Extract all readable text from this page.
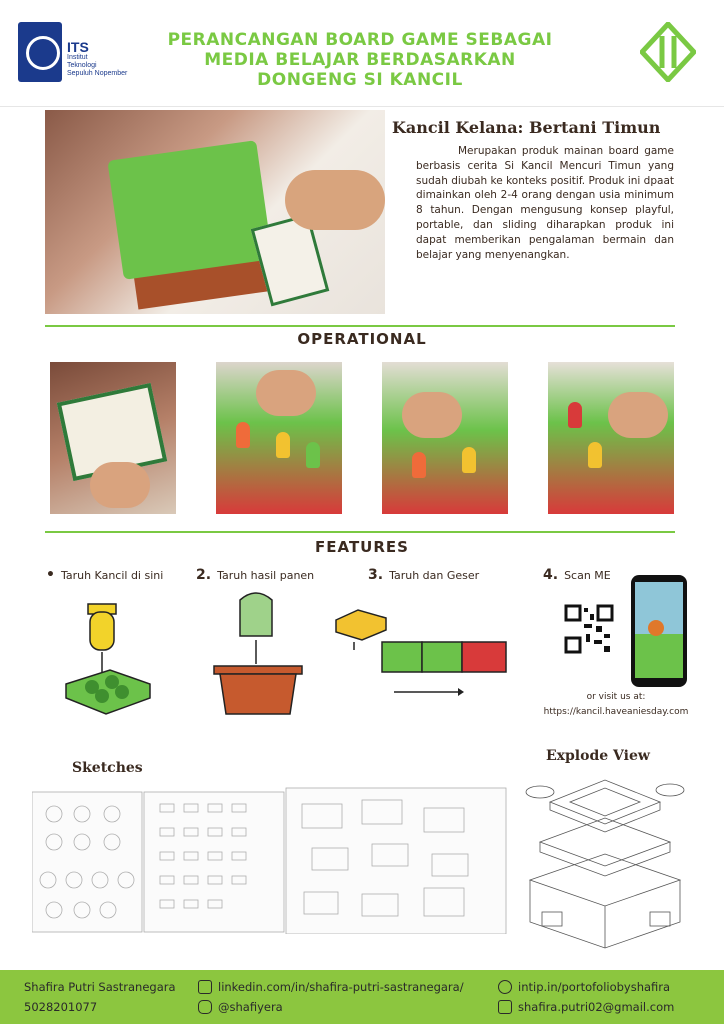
ITS
Institut
Teknologi
Sepuluh Nopember
PERANCANGAN BOARD GAME SEBAGAI
MEDIA BELAJAR BERDASARKAN
DONGENG SI KANCIL
Kancil Kelana: Bertani Timun
Merupakan produk mainan board game berbasis cerita Si Kancil Mencuri Timun yang sudah diubah ke konteks positif. Produk ini dpaat dimainkan oleh 2-4 orang dengan usia minimum 8 tahun. Dengan mengusung konsep playful, portable, dan sliding diharapkan produk ini dapat memberikan pengalaman bermain dan belajar yang menyenangkan.
OPERATIONAL
FEATURES
• Taruh Kancil di sini 2. Taruh hasil panen	3. Taruh dan Geser	4. Scan ME
or visit us at:
https://kancil.haveaniesday.com
Sketches
Explode View
Shafira Putri Sastranegara
5028201077
linkedin.com/in/shafira-putri-sastranegara/
@shafiyera
intip.in/portofoliobyshafira
shafira.putri02@gmail.com
